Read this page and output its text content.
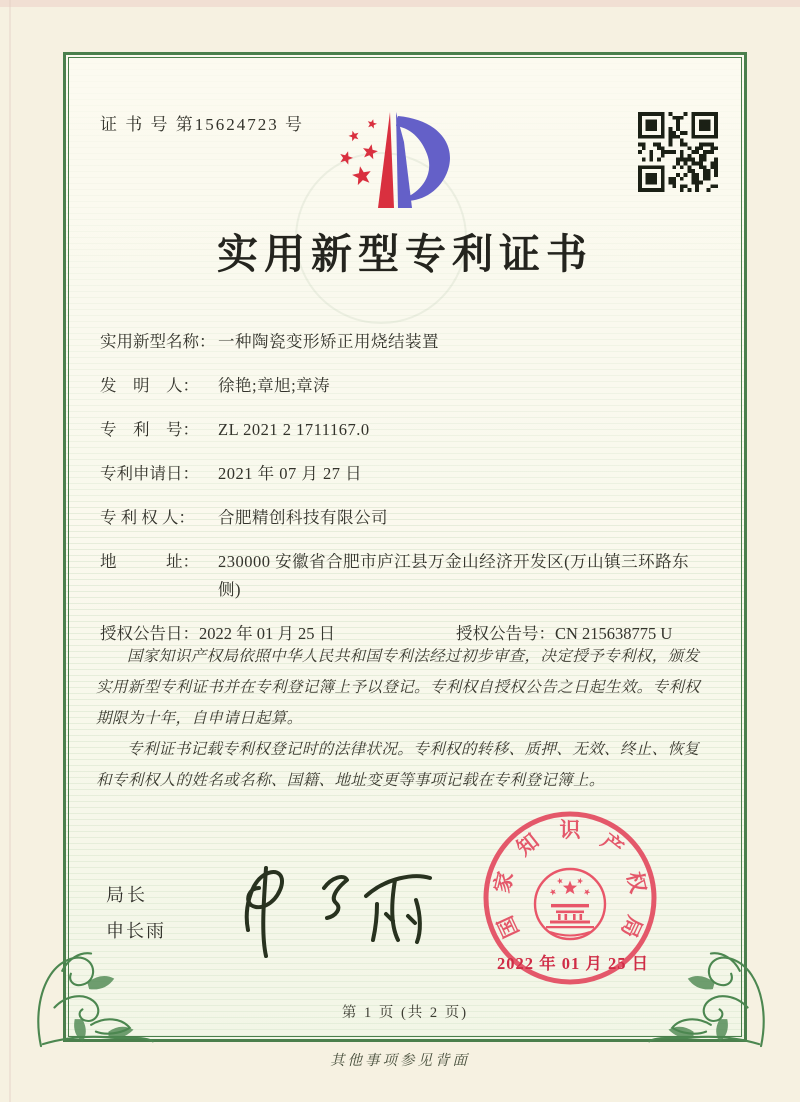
证 书 号 第15624723 号
实用新型专利证书
实用新型名称： 一种陶瓷变形矫正用烧结装置
发　明　人：	徐艳;章旭;章涛
专　利　号：	ZL 2021 2 1711167.0
专利申请日：	2021 年 07 月 27 日
专 利 权 人：	合肥精创科技有限公司
地　　　址：	230000 安徽省合肥市庐江县万金山经济开发区(万山镇三环路东侧)
授权公告日：2022 年 01 月 25 日	授权公告号：CN 215638775 U

国家知识产权局依照中华人民共和国专利法经过初步审查，决定授予专利权，颁发实用新型专利证书并在专利登记簿上予以登记。专利权自授权公告之日起生效。专利权期限为十年，自申请日起算。

专利证书记载专利权登记时的法律状况。专利权的转移、质押、无效、终止、恢复和专利权人的姓名或名称、国籍、地址变更等事项记载在专利登记簿上。

局长
申长雨	国
家
知 识 产
权
局
2022 年 01 月 25 日
第 1 页 (共 2 页)
其他事项参见背面
